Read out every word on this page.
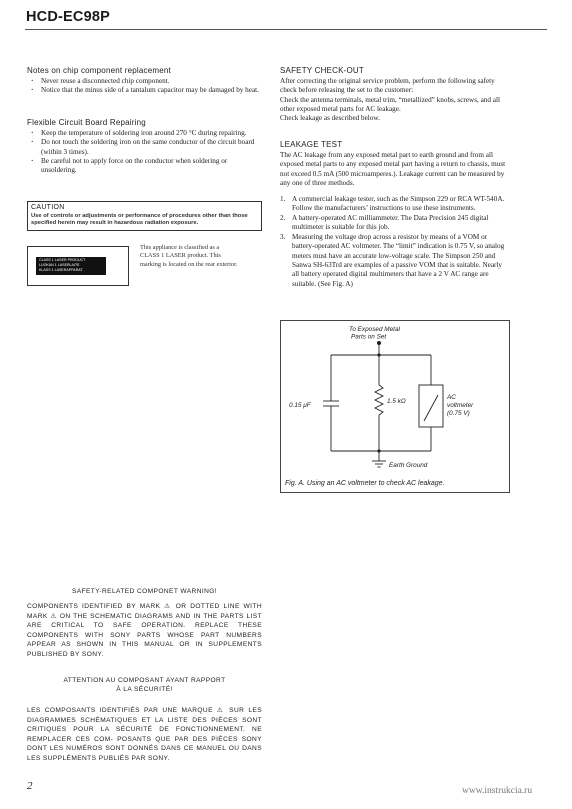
HCD-EC98P
Notes on chip component replacement
· Never reuse a disconnected chip component.
· Notice that the minus side of a tantalum capacitor may be damaged by heat.
Flexible Circuit Board Repairing
· Keep the temperature of soldering iron around 270 °C during repairing.
· Do not touch the soldering iron on the same conductor of the circuit board (within 3 times).
· Be careful not to apply force on the conductor when soldering or unsoldering.
CAUTION
Use of controls or adjustments or performance of procedures other than those specified herein may result in hazardous radiation exposure.
CLASS 1 LASER PRODUCT
LUOKAN 1 LASERLAITE
KLASS 1 LASERAPPARAT
This appliance is classified as a CLASS 1 LASER product. This marking is located on the rear exterior.
SAFETY CHECK-OUT
After correcting the original service problem, perform the following safety check before releasing the set to the customer:
Check the antenna terminals, metal trim, “metallized” knobs, screws, and all other exposed metal parts for AC leakage.
Check leakage as described below.
LEAKAGE TEST
The AC leakage from any exposed metal part to earth ground and from all exposed metal parts to any exposed metal part having a return to chassis, must not exceed 0.5 mA (500 microamperes.). Leakage current can be measured by any one of three methods.
1. A commercial leakage tester, such as the Simpson 229 or RCA WT-540A. Follow the manufacturers’ instructions to use these instruments.
2. A battery-operated AC milliammeter. The Data Precision 245 digital multimeter is suitable for this job.
3. Measuring the voltage drop across a resistor by means of a VOM or battery-operated AC voltmeter. The “limit” indication is 0.75 V, so analog meters must have an accurate low-voltage scale. The Simpson 250 and Sanwa SH-63Trd are examples of a passive VOM that is suitable. Nearly all battery operated digital multimeters that have a 2 V AC range are suitable. (See Fig. A)
To Exposed Metal
Parts on Set
0.15 μF
1.5 kΩ
AC
voltmeter
(0.75 V)
Earth Ground
Fig. A. Using an AC voltmeter to check AC leakage.
SAFETY-RELATED COMPONET WARNING!
COMPONENTS IDENTIFIED BY MARK ⚠ OR DOTTED LINE WITH MARK ⚠ ON THE SCHEMATIC DIAGRAMS AND IN THE PARTS LIST ARE CRITICAL TO SAFE OPERATION. REPLACE THESE COMPONENTS WITH SONY PARTS WHOSE PART NUMBERS APPEAR AS SHOWN IN THIS MANUAL OR IN SUPPLEMENTS PUBLISHED BY SONY.
ATTENTION AU COMPOSANT AYANT RAPPORT
À LA SÉCURITÉ!
LES COMPOSANTS IDENTIFIÉS PAR UNE MARQUE ⚠ SUR LES DIAGRAMMES SCHÉMATIQUES ET LA LISTE DES PIÈCES SONT CRITIQUES POUR LA SÉCURITÉ DE FONCTIONNEMENT. NE REMPLACER CES COM- POSANTS QUE PAR DES PIÈCES SONY DONT LES NUMÉROS SONT DONNÉS DANS CE MANUEL OU DANS LES SUPPLÉMENTS PUBLIÉS PAR SONY.
2	www.instrukcia.ru
